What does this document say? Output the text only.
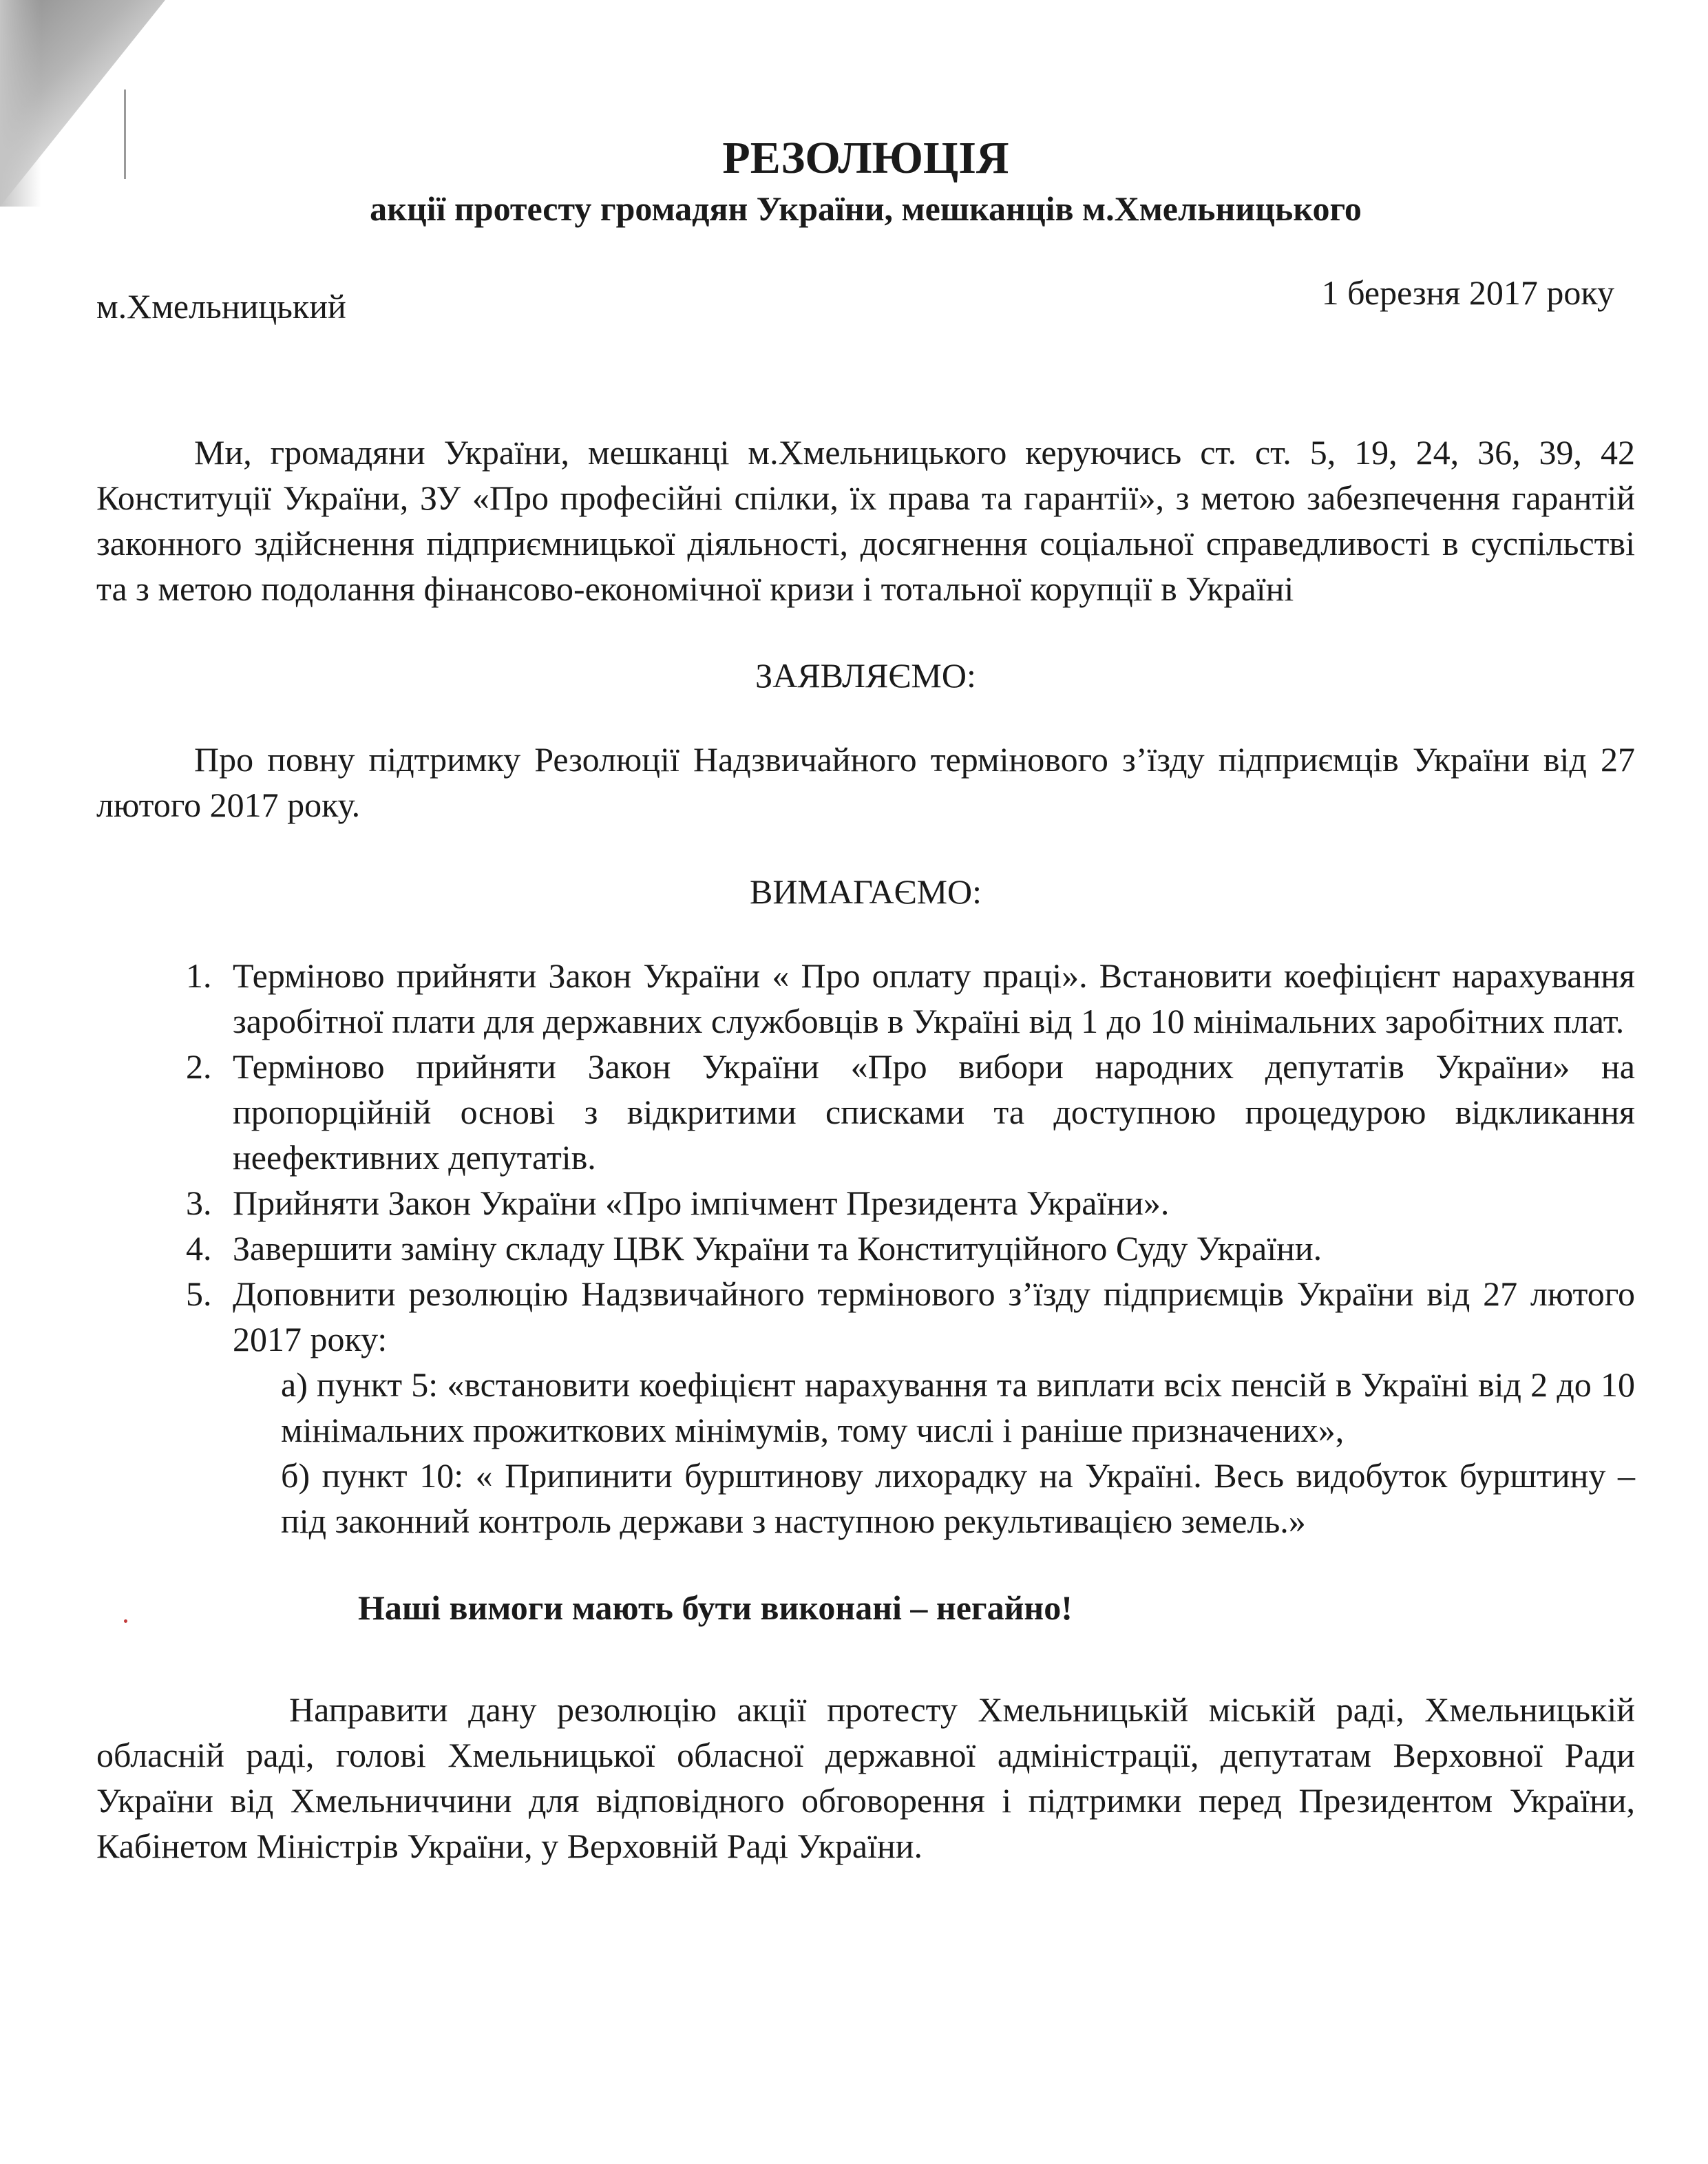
РЕЗОЛЮЦІЯ

акції протесту громадян України, мешканців м.Хмельницького

м.Хмельницький	1 березня 2017 року

Ми, громадяни України, мешканці м.Хмельницького керуючись ст. ст. 5, 19, 24, 36, 39, 42 Конституції України, ЗУ «Про професійні спілки, їх права та гарантії», з метою забезпечення гарантій законного здійснення підприємницької діяльності, досягнення соціальної справедливості в суспільстві та з метою подолання фінансово-економічної кризи і тотальної корупції в Україні

ЗАЯВЛЯЄМО:

Про повну підтримку Резолюції Надзвичайного термінового з’їзду підприємців України від 27 лютого 2017 року.

ВИМАГАЄМО:

1. Терміново прийняти Закон України « Про оплату праці». Встановити коефіцієнт нарахування заробітної плати для державних службовців в Україні від 1 до 10 мінімальних заробітних плат.
2. Терміново прийняти Закон України «Про вибори народних депутатів України» на пропорційній основі з відкритими списками та доступною процедурою відкликання неефективних депутатів.
3. Прийняти Закон України «Про імпічмент Президента України».
4. Завершити заміну складу ЦВК України та Конституційного Суду України.
5. Доповнити резолюцію Надзвичайного термінового з’їзду підприємців України від 27 лютого 2017 року:
а) пункт 5: «встановити коефіцієнт нарахування та виплати всіх пенсій в Україні від 2 до 10 мінімальних прожиткових мінімумів, тому числі і раніше призначених»,
б) пункт 10: « Припинити бурштинову лихорадку на Україні. Весь видобуток бурштину – під законний контроль держави з наступною рекультивацією земель.»

Наші вимоги мають бути виконані – негайно!

Направити дану резолюцію акції протесту Хмельницькій міській раді, Хмельницькій обласній раді, голові Хмельницької обласної державної адміністрації, депутатам Верховної Ради України від Хмельниччини для відповідного обговорення і підтримки перед Президентом України, Кабінетом Міністрів України, у Верховній Раді України.
